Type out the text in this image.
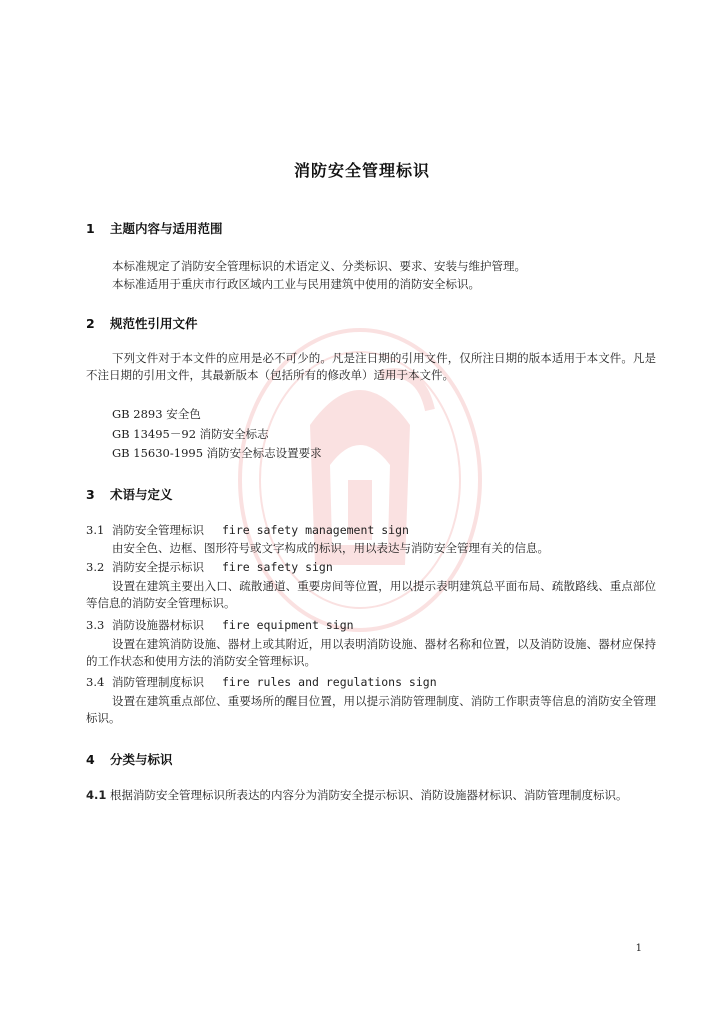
消防安全管理标识
1 主题内容与适用范围
本标准规定了消防安全管理标识的术语定义、分类标识、要求、安装与维护管理。
本标准适用于重庆市行政区域内工业与民用建筑中使用的消防安全标识。
2 规范性引用文件
下列文件对于本文件的应用是必不可少的。凡是注日期的引用文件，仅所注日期的版本适用于本文件。凡是不注日期的引用文件，其最新版本（包括所有的修改单）适用于本文件。
GB 2893 安全色
GB 13495－92 消防安全标志
GB 15630-1995 消防安全标志设置要求
3 术语与定义
3.1 消防安全管理标识 fire safety management sign
由安全色、边框、图形符号或文字构成的标识，用以表达与消防安全管理有关的信息。
3.2 消防安全提示标识 fire safety sign
设置在建筑主要出入口、疏散通道、重要房间等位置，用以提示表明建筑总平面布局、疏散路线、重点部位等信息的消防安全管理标识。
3.3 消防设施器材标识 fire equipment sign
设置在建筑消防设施、器材上或其附近，用以表明消防设施、器材名称和位置，以及消防设施、器材应保持的工作状态和使用方法的消防安全管理标识。
3.4 消防管理制度标识 fire rules and regulations sign
设置在建筑重点部位、重要场所的醒目位置，用以提示消防管理制度、消防工作职责等信息的消防安全管理标识。
4 分类与标识
4.1 根据消防安全管理标识所表达的内容分为消防安全提示标识、消防设施器材标识、消防管理制度标识。
1
